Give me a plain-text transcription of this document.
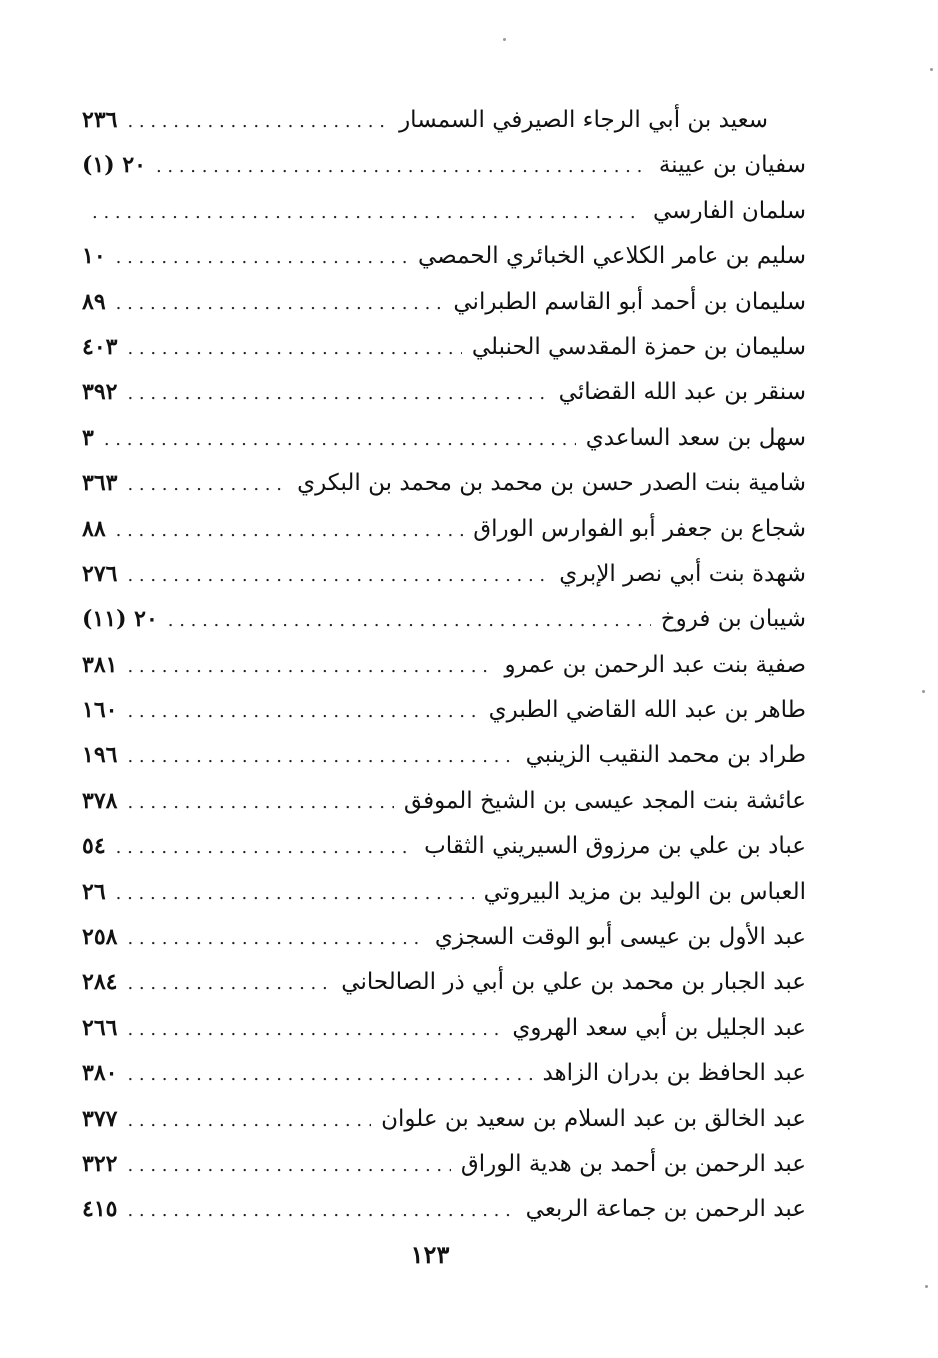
سعيد بن أبي الرجاء الصيرفي السمسار
. . .
٢٣٦
سفيان بن عيينة
. . .
٢٠ (١)
سلمان الفارسي
. . .
سليم بن عامر الكلاعي الخبائري الحمصي
. . .
١٠
سليمان بن أحمد أبو القاسم الطبراني
. . .
٨٩
سليمان بن حمزة المقدسي الحنبلي
. . .
٤٠٣
سنقر بن عبد الله القضائي
. . .
٣٩٢
سهل بن سعد الساعدي
. . .
٣
شامية بنت الصدر حسن بن محمد بن محمد بن البكري
. . .
٣٦٣
شجاع بن جعفر أبو الفوارس الوراق
. . .
٨٨
شهدة بنت أبي نصر الإبري
. . .
٢٧٦
شيبان بن فروخ
. . .
٢٠ (١١)
صفية بنت عبد الرحمن بن عمرو
. . .
٣٨١
طاهر بن عبد الله القاضي الطبري
. . .
١٦٠
طراد بن محمد النقيب الزينبي
. . .
١٩٦
عائشة بنت المجد عيسى بن الشيخ الموفق
. . .
٣٧٨
عباد بن علي بن مرزوق السيريني الثقاب
. . .
٥٤
العباس بن الوليد بن مزيد البيروتي
. . .
٢٦
عبد الأول بن عيسى أبو الوقت السجزي
. . .
٢٥٨
عبد الجبار بن محمد بن علي بن أبي ذر الصالحاني
. . .
٢٨٤
عبد الجليل بن أبي سعد الهروي
. . .
٢٦٦
عبد الحافظ بن بدران الزاهد
. . .
٣٨٠
عبد الخالق بن عبد السلام بن سعيد بن علوان
. . .
٣٧٧
عبد الرحمن بن أحمد بن هدية الوراق
. . .
٣٢٢
عبد الرحمن بن جماعة الربعي
. . .
٤١٥
١٢٣
